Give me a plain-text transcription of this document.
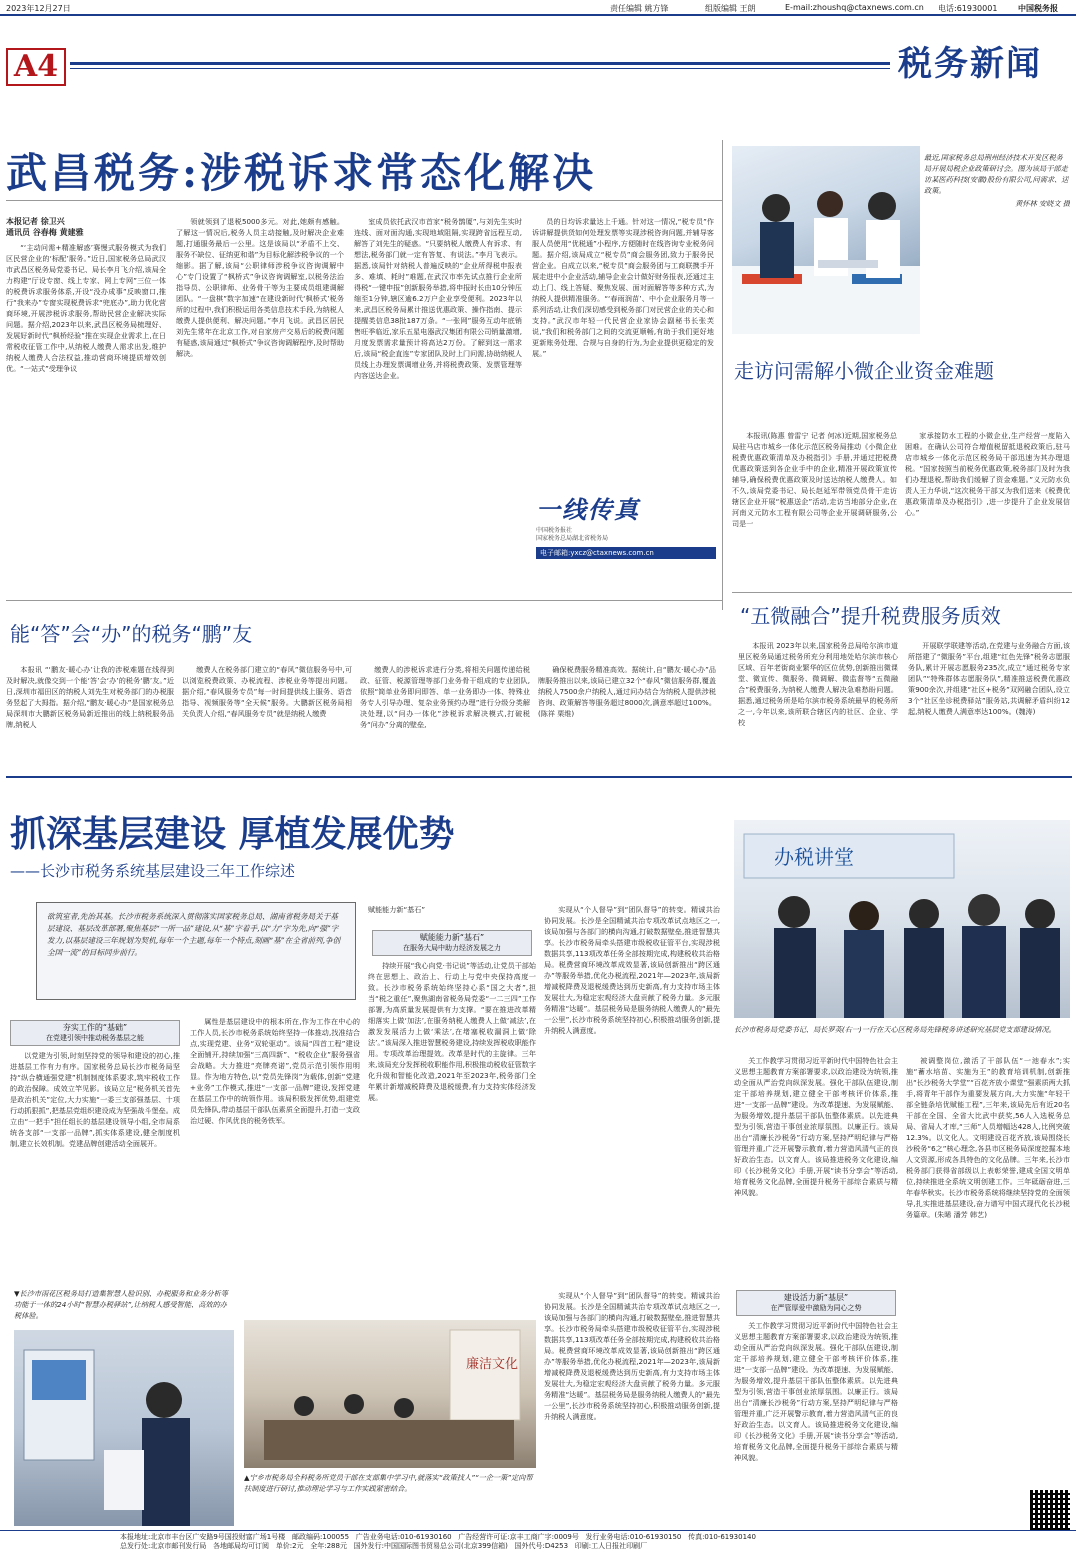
2023年12月27日	责任编辑 姚方锋	组版编辑 王朗	E-mail:zhoushq@ctaxnews.com.cn	电话:61930001	中国税务报
A4	税务新闻
武昌税务:涉税诉求常态化解决
本报记者 徐卫兴
通讯员 谷春梅 黄建雅

“‘主动问需+精准解惑’赛慢式服务模式为我们区民营企业的‘标配’服务。”近日,国家税务总局武汉市武昌区税务局党委书记、局长李月飞介绍,该局全力构建“厅设专窗、线上专家、网上专网”三位一体的税费诉求服务体系,开设“没办成事”反映窗口,推行“我来办”专窗实现税费诉求“兜底办”,助力优化营商环境,开展涉税诉求服务,帮助民营企业解决实际问题。据介绍,2023年以来,武昌区税务局梳理好、发展好新时代“枫桥经验”推在实现企业需求上,在日常税收征管工作中,从纳税人缴费人需求出发,维护纳税人缴费人合法权益,推动营商环境提质增效创优。“一站式”受理争议

领就领到了退税5000多元。对此,她颇有感触。了解这一情况后,税务人员主动接触,及时解决企业难题,打通服务最后一公里。这是该局以“矛盾不上交、服务不缺位、征纳更和谐”为目标化解涉税争议的一个缩影。据了解,该局“公职律师涉税争议咨询调解中心”专门设置了“枫桥式”争议咨询调解室,以税务法治指导员、公职律师、业务骨干等为主要成员组建调解团队。“一盘棋”数字加速“在建设新时代‘枫桥式’税务所的过程中,我们积极运用各类信息技术手段,为纳税人缴费人提供便利、解决问题。”李月飞说。武昌区居民刘先生常年在北京工作,对自家房产交易后的税费问题有疑惑,该局通过“枫桥式”争议咨询调解程序,及时帮助解决。

室成员依托武汉市首家“税务鹊厦”,与刘先生实时连线、面对面沟通,实现地域阻隔,实现跨省远程互动,解答了刘先生的疑惑。“只要纳税人缴费人有诉求、有想法,税务部门就一定有答复、有说法。”李月飞表示。据悉,该局针对纳税人普遍反映的“企业所得税申报表多、难填、耗时”难题,在武汉市率先试点推行企业所得税“一键申报”创新服务举措,将申报时长由10分钟压缩至1分钟,辖区逾6.2万户企业享受便利。2023年以来,武昌区税务局累计推送优惠政策、操作指南、提示提醒类信息38批187万条。“一张网”服务互动年底销售旺季临近,家乐五星电器武汉集团有限公司销量激增,月度发票需求量预计将高达2万份。了解到这一需求后,该局“税企直连”专家团队及时上门问需,协助纳税人员线上办理发票调增业务,并将税费政策、发票管理等内容送达企业。

员的日均诉求量达上千通。针对这一情况,“税专员”作诉讲解提供货如何处理发票等实现涉税咨询问题,并辅导客服人员使用“优税通”小程序,方便随时在线咨询专业税务问题。据介绍,该局成立“税专员”商会服务团,致力于服务民营企业。自成立以来,“税专员”商会服务团与工商联携手开展走进中小企业活动,辅导企业会计做好财务报表,还通过主动上门、线上答疑、聚焦发展、面对面解答等多种方式,为纳税人提供精准服务。“‘春雨润苗’、中小企业服务月等一系列活动,让我们深切感受到税务部门对民营企业的关心和支持。”武汉市年轻一代民营企业家协会副秘书长张芙说,“我们和税务部门之间的交流更顺畅,有助于我们更好地更新账务处理、合规与自身的行为,为企业提供更稳定的发展。”

一线传真
中国税务报社
国家税务总局湖北省税务局
电子邮箱:yxcz@ctaxnews.com.cn
最近,国家税务总局荆州经济技术开发区税务局开展局税企业政策研讨会。图为该局干部走访某医药科技(安徽)股份有限公司,问需求、送政策。
黄怀林 安晓文 摄
走访问需解小微企业资金难题

本报讯(陈惠 曾雷宁 记者 何冰)近期,国家税务总局驻马店市城乡一体化示范区税务局推动《小微企业税费优惠政策清单及办税指引》手册,并通过把税费优惠政策送到各企业手中的企业,精准开展政策宣传辅导,确保税费优惠政策及时送达纳税人缴费人。如不久,该局党委书记、局长赵延军带领党员骨干走访辖区企业开展“税惠送企”活动,走访当地部分企业,在河南义元防水工程有限公司等企业开展调研服务,公司是一

家承接防水工程的小微企业,生产经营一度陷入困难。在确认公司符合增值税留抵退税政策后,驻马店市城乡一体化示范区税务局干部迅速为其办理退税。“国家按照当前税务优惠政策,税务部门及时为我们办理退税,帮助我们缓解了资金难题。”义元防水负责人王力华说,“这次税务干部又为我们送来《税费优惠政策清单及办税指引》,进一步提升了企业发展信心。”

“五微融合”提升税费服务质效

本报讯 2023年以来,国家税务总局哈尔滨市道里区税务局通过税务所充分利用地处哈尔滨市核心区域、百年老街商业繁华的区位优势,创新推出微课堂、微宣传、微服务、微调解、微监督等“五微融合”税费服务,为纳税人缴费人解决急难愁盼问题。据悉,通过税务所是哈尔滨市税务系统最早的税务所之一,今年以来,该所联合辖区内的社区、企业、学校

开展联学联建等活动,在党建与业务融合方面,该所搭建了“微服务”平台,组建“红色先锋”税务志愿服务队,累计开展志愿服务235次,成立“通过税务专家团队”“特殊群体志愿服务队”,精准推送税费优惠政策900余次,并组建“社区+税务”双网融合团队,设立3个“社区坐诊税费驿站”服务站,共调解矛盾纠纷12起,纳税人缴费人满意率达100%。(魏涛)

能“答”会“办”的税务“鹏”友

本报讯 “‘鹏友·暖心办’让我的涉税难题在线得到及时解决,就像交到一个能‘答’会‘办’的税务‘鹏’友。”近日,深圳市福田区的纳税人刘先生对税务部门的办税服务竖起了大拇指。据介绍,“鹏友·暖心办”是国家税务总局深圳市大鹏新区税务局新近推出的线上纳税服务品牌,纳税人

缴费人在税务部门建立的“春风”微信服务号中,可以浏览税费政策、办税流程、涉税业务等提出问题。据介绍,“春风服务专员”每一时间提供线上服务、语音指导、视频服务等“全天候”服务。大鹏新区税务局相关负责人介绍,“春风服务专员”就是纳税人缴费

缴费人的涉税诉求进行分类,将相关问题传递给税政、征管、税源管理等部门业务骨干组成的专业团队,依照“简单业务即问即答、单一业务即办一体、特殊业务专人引导办理、复杂业务预约办理”进行分级分类解决处理,以“问办一体化”涉税诉求解决模式,打破税务“问办”分离的壁垒,

确保税费服务精准高效。据统计,自“鹏友·暖心办”品牌服务推出以来,该局已建立32个“春风”微信服务群,覆盖纳税人7500余户纳税人,通过问办结合为纳税人提供涉税咨询、政策解答等服务超过8000次,满意率超过100%。(陈祥 栗维)

抓深基层建设 厚植发展优势
——长沙市税务系统基层建设三年工作综述
欲筑室者,先治其基。长沙市税务系统深入贯彻落实国家税务总局、湖南省税务局关于基层建设、基层改革部署,聚焦基层“一所一品”建设,从“基”字着手,以“力”字为先,向“强”字发力,以基层建设三年规划为契机,每年一个主题,每年一个特点,刻画“基”在全省前列,争创全国一流”的目标同步前行。
夯实工作的“基础”
在党建引领中推动税务基层之能

以党建为引领,时刻坚持党的领导和建设的初心,推进基层工作有力有序。国家税务总局长沙市税务局坚持“纵合横通强党建”机制制度体系要求,筑牢税收工作的政治保障。成效立竿见影。该局立足“税务机关首先是政治机关”定位,大力实施“一委三支部强基层、十项行动抓狠抓”,把基层党组织建设成为坚强战斗堡垒。成立由“一把手”担任组长的基层建设领导小组,全市局系统各支部“一支部一品牌”,抓实体系建设,健全制度机制,建立长效机制。党建品牌创建活动全面展开。

属性是基层建设中的根本所在,作为工作在中心的工作人员,长沙市税务系统始终坚持一体推动,找准结合点,实现党建、业务“双轮驱动”。该局“四首工程”建设全面铺开,持续加强“三高四新”、“税收企业”服务强省会战略。大力推进“亮牌亮诺”,党员示范引领作用明显。作为地方特色,以“党员先锋岗”为载体,创新“党建+业务”工作模式,推进“一支部一品牌”建设,发挥党建在基层工作中的统领作用。该局积极发挥优势,组建党员先锋队,带动基层干部队伍素质全面提升,打造一支政治过硬、作风优良的税务铁军。

赋能能力新“基石”

赋能能力新“基石”
在服务大局中助力经济发展之力

持续开展“我心向党·书记说”等活动,让党员干部始终在思想上、政治上、行动上与党中央保持高度一致。长沙市税务系统始终坚持心系“国之大者”,担当“税之重任”,聚焦湖南省税务局党委“一二三四”工作部署,为高质量发展提供有力支撑。“要在推进改革精细落实上做‘加法’,在服务纳税人缴费人上做‘减法’,在激发发展活力上做‘乘法’,在堵塞税收漏洞上做‘除法’。”该局深入推进智慧税务建设,持续发挥税收职能作用。专项改革治理提效。改革是时代的主旋律。三年来,该局充分发挥税收职能作用,积极推动税收征管数字化升级和智能化改造,2021年至2023年,税务部门全年累计新增减税降费及退税缓费,有力支持实体经济发展。

实现从“个人督导”到“团队督导”的转变。精诚共治协同发展。长沙是全国精诚共治专项改革试点地区之一,该局加强与各部门的横向沟通,打破数据壁垒,推进智慧共享。长沙市税务局牵头搭建市级税收征管平台,实现涉税数据共享,113项改革任务全部按期完成,构建税收共治格局。税费营商环境改革成效显著,该局创新推出“跨区通办”等服务举措,优化办税流程,2021年—2023年,该局新增减税降费及退税缓费达到历史新高,有力支持市场主体发展壮大,为稳定宏观经济大盘贡献了税务力量。多元服务精准“达暖”。基层税务局是服务纳税人缴费人的“最先一公里”,长沙市税务系统坚持初心,积极推动服务创新,提升纳税人满意度。

办税讲堂
长沙市税务局党委书记、局长罗英(右一)一行在天心区税务局先锋税务讲述研究基层党支部建设情况。

关工作教学习贯彻习近平新时代中国特色社会主义思想主题教育方案部署要求,以政治建设为统领,推动全面从严治党向纵深发展。强化干部队伍建设,制定干部培养规划,建立健全干部考核评价体系,推进“一支部一品牌”建设。为改革提速、为发展赋能、为服务增效,提升基层干部队伍整体素质。以先进典型为引领,营造干事创业浓厚氛围。以廉正行。该局出台“清廉长沙税务”行动方案,坚持严明纪律与严格管理并重,广泛开展警示教育,着力营造风清气正的良好政治生态。以文育人。该局推进税务文化建设,编印《长沙税务文化》手册,开展“读书分享会”等活动,培育税务文化品牌,全面提升税务干部综合素质与精神风貌。

被调整岗位,激活了干部队伍“一池春水”;实施“蓄水培苗、实施为王”的教育培训机制,创新推出“长沙税务大学堂”“百花齐放小课堂”强素质两大抓手,将青年干部作为重要发展方向,大力实施“年轻干部全链条培优赋能工程”,三年来,该局先后有近20名干部在全国、全省大比武中获奖,56人入选税务总局、省局人才库,“三师”人员增幅达428人,比例突破12.3%。以文化人。文明建设百花齐放,该局围绕长沙税务“6之”核心理念,各县市区税务局深度挖掘本地人文资源,形成各具特色的文化品牌。三年来,长沙市税务部门获得省部级以上表彰荣誉,建成全国文明单位,持续推进全系统文明创建工作。三年砥砺奋进,三年春华秋实。长沙市税务系统将继续坚持党的全面领导,扎实推进基层建设,奋力谱写中国式现代化长沙税务篇章。(朱晞 潘芳 韩艺)

建设活力新“基层”
在严管厚爱中激励为同心之势

关工作教学习贯彻习近平新时代中国特色社会主义思想主题教育方案部署要求,以政治建设为统领,推动全面从严治党向纵深发展。强化干部队伍建设,制定干部培养规划,建立健全干部考核评价体系,推进“一支部一品牌”建设。为改革提速、为发展赋能、为服务增效,提升基层干部队伍整体素质。以先进典型为引领,营造干事创业浓厚氛围。以廉正行。该局出台“清廉长沙税务”行动方案,坚持严明纪律与严格管理并重,广泛开展警示教育,着力营造风清气正的良好政治生态。以文育人。该局推进税务文化建设,编印《长沙税务文化》手册,开展“读书分享会”等活动,培育税务文化品牌,全面提升税务干部综合素质与精神风貌。

实现从“个人督导”到“团队督导”的转变。精诚共治协同发展。长沙是全国精诚共治专项改革试点地区之一,该局加强与各部门的横向沟通,打破数据壁垒,推进智慧共享。长沙市税务局牵头搭建市级税收征管平台,实现涉税数据共享,113项改革任务全部按期完成,构建税收共治格局。税费营商环境改革成效显著,该局创新推出“跨区通办”等服务举措,优化办税流程,2021年—2023年,该局新增减税降费及退税缓费达到历史新高,有力支持市场主体发展壮大,为稳定宏观经济大盘贡献了税务力量。多元服务精准“达暖”。基层税务局是服务纳税人缴费人的“最先一公里”,长沙市税务系统坚持初心,积极推动服务创新,提升纳税人满意度。

▼长沙市雨花区税务局打造集智慧人脸识别、办税服务和业务分析等功能于一体的24小时“智慧办税驿站”,让纳税人感受智能、高效的办税体验。
廉洁文化
▲宁乡市税务局全科税务所党员干部在支部集中学习中,就落实“政策找人”“一企一策”定向帮扶制度进行研讨,推动理论学习与工作实践紧密结合。
本报地址:北京市丰台区广安路9号国投财富广场1号楼 邮政编码:100055 广告业务电话:010-61930160 广告经营许可证:京丰工商广字:0009号 发行业务电话:010-61930150 传真:010-61930140
总发行处:北京市邮刊发行局 各地邮局均可订阅 单价:2元 全年:288元 国外发行:中国国际图书贸易总公司(北京399信箱) 国外代号:D4253 印刷:工人日报社印刷厂
